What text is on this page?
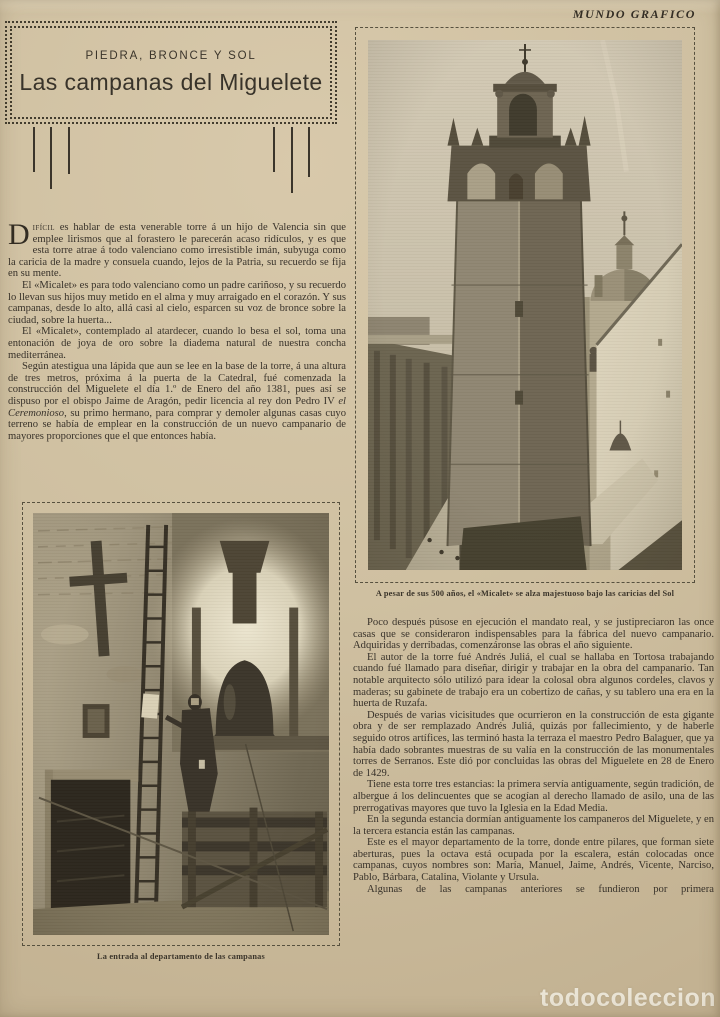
MUNDO GRAFICO
PIEDRA, BRONCE Y SOL
Las campanas del Miguelete
A pesar de sus 500 años, el «Micalet» se alza majestuoso bajo las caricias del Sol

Difícil es hablar de esta venerable torre á un hijo de Valencia sin que emplee lirismos que al forastero le parecerán acaso ridículos, y es que esta torre atrae á todo valenciano como irresistible imán, subyuga como la caricia de la madre y consuela cuando, lejos de la Patria, su recuerdo se fija en su mente.

El «Micalet» es para todo valenciano como un padre cariñoso, y su recuerdo lo llevan sus hijos muy metido en el alma y muy arraigado en el corazón. Y sus campanas, desde lo alto, allá casi al cielo, esparcen su voz de bronce sobre la ciudad, sobre la huerta...

El «Micalet», contemplado al atardecer, cuando lo besa el sol, toma una entonación de joya de oro sobre la diadema natural de nuestra concha mediterránea.

Según atestigua una lápida que aun se lee en la base de la torre, á una altura de tres metros, próxima á la puerta de la Catedral, fué comenzada la construcción del Miguelete el día 1.º de Enero del año 1381, pues así se dispuso por el obispo Jaime de Aragón, pedir licencia al rey don Pedro IV el Ceremonioso, su primo hermano, para comprar y demoler algunas casas cuyo terreno se había de emplear en la construcción de un nuevo campanario de mayores proporciones que el que entonces había.

La entrada al departamento de las campanas

Poco después púsose en ejecución el mandato real, y se justipreciaron las once casas que se consideraron indispensables para la fábrica del nuevo campanario. Adquiridas y derribadas, comenzáronse las obras el año siguiente.

El autor de la torre fué Andrés Juliá, el cual se hallaba en Tortosa trabajando cuando fué llamado para diseñar, dirigir y trabajar en la obra del campanario. Tan notable arquitecto sólo utilizó para idear la colosal obra algunos cordeles, clavos y maderas; su gabinete de trabajo era un cobertizo de cañas, y su tablero una era en la huerta de Ruzafa.

Después de varias vicisitudes que ocurrieron en la construcción de esta gigante obra y de ser remplazado Andrés Juliá, quizás por fallecimiento, y de haberle seguido otros artífices, las terminó hasta la terraza el maestro Pedro Balaguer, que ya había dado sobrantes muestras de su valía en la construcción de las monumentales torres de Serranos. Este dió por concluidas las obras del Miguelete en 28 de Enero de 1429.

Tiene esta torre tres estancias: la primera servía antiguamente, según tradición, de albergue á los delincuentes que se acogían al derecho llamado de asilo, una de las prerrogativas mayores que tuvo la Iglesia en la Edad Media.

En la segunda estancia dormían antiguamente los campaneros del Miguelete, y en la tercera estancia están las campanas.

Este es el mayor departamento de la torre, donde entre pilares, que forman siete aberturas, pues la octava está ocupada por la escalera, están colocadas once campanas, cuyos nombres son: María, Manuel, Jaime, Andrés, Vicente, Narciso, Pablo, Bárbara, Catalina, Violante y Ursula.

Algunas de las campanas anteriores se fundieron por primera

todocoleccion
